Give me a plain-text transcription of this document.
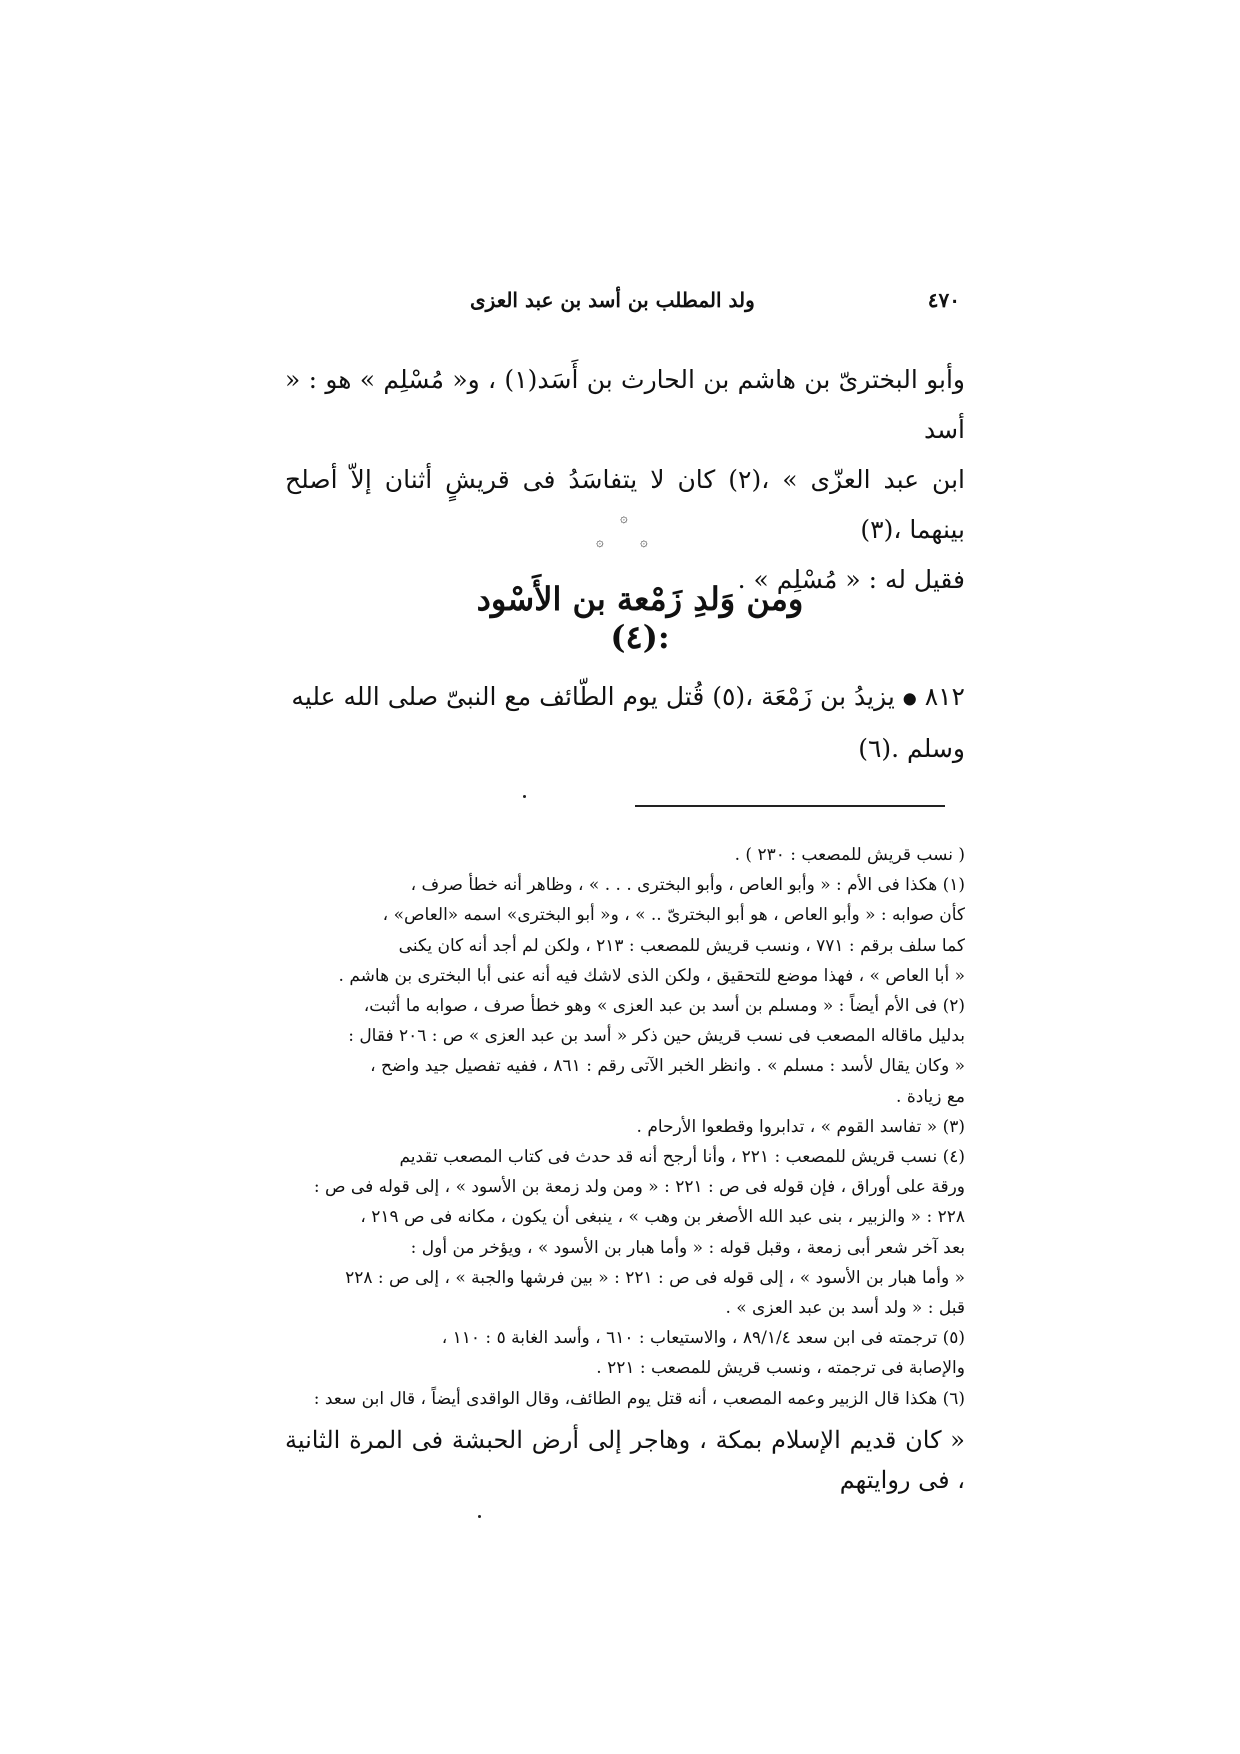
٤٧٠
ولد المطلب بن أسد بن عبد العزى
وأبو البخترىّ بن هاشم بن الحارث بن أَسَد(١) ، و« مُسْلِم » هو : « أسد
ابن عبد العزّى » ،(٢) كان لا يتفاسَدُ فى قريشٍ أثنان إلاّ أصلح بينهما ،(٣)
فقيل له : « مُسْلِم » .
۞
۞	۞
ومن وَلدِ زَمْعة بن الأَسْود :(٤)
٨١٢ ● يزيدُ بن زَمْعَة ،(٥) قُتل يوم الطّائف مع النبىّ صلى الله عليه
وسلم .(٦)

( نسب قريش للمصعب : ٢٣٠ ) .

(١) هكذا فى الأم : « وأبو العاص ، وأبو البخترى . . . » ، وظاهر أنه خطأ صرف ،

كأن صوابه : « وأبو العاص ، هو أبو البخترىّ .. » ، و« أبو البخترى» اسمه «العاص» ،

كما سلف برقم : ٧٧١ ، ونسب قريش للمصعب : ٢١٣ ، ولكن لم أجد أنه كان يكنى

« أبا العاص » ، فهذا موضع للتحقيق ، ولكن الذى لاشك فيه أنه عنى أبا البخترى بن هاشم .

(٢) فى الأم أيضاً : « ومسلم بن أسد بن عبد العزى » وهو خطأ صرف ، صوابه ما أثبت،

بدليل ماقاله المصعب فى نسب قريش حين ذكر « أسد بن عبد العزى » ص : ٢٠٦ فقال :

« وكان يقال لأسد : مسلم » . وانظر الخبر الآتى رقم : ٨٦١ ، ففيه تفصيل جيد واضح ،

مع زيادة .

(٣) « تفاسد القوم » ، تدابروا وقطعوا الأرحام .

(٤) نسب قريش للمصعب : ٢٢١ ، وأنا أرجح أنه قد حدث فى كتاب المصعب تقديم

ورقة على أوراق ، فإن قوله فى ص : ٢٢١ : « ومن ولد زمعة بن الأسود » ، إلى قوله فى ص :

٢٢٨ : « والزبير ، بنى عبد الله الأصغر بن وهب » ، ينبغى أن يكون ، مكانه فى ص ٢١٩ ،

بعد آخر شعر أبى زمعة ، وقبل قوله : « وأما هبار بن الأسود » ، ويؤخر من أول :

« وأما هبار بن الأسود » ، إلى قوله فى ص : ٢٢١ : « بين فرشها والجبة » ، إلى ص : ٢٢٨

قبل : « ولد أسد بن عبد العزى » .

(٥) ترجمته فى ابن سعد ٨٩/١/٤ ، والاستيعاب : ٦١٠ ، وأسد الغابة ٥ : ١١٠ ،

والإصابة فى ترجمته ، ونسب قريش للمصعب : ٢٢١ .

(٦) هكذا قال الزبير وعمه المصعب ، أنه قتل يوم الطائف، وقال الواقدى أيضاً ، قال ابن سعد :

« كان قديم الإسلام بمكة ، وهاجر إلى أرض الحبشة فى المرة الثانية ، فى روايتهم
